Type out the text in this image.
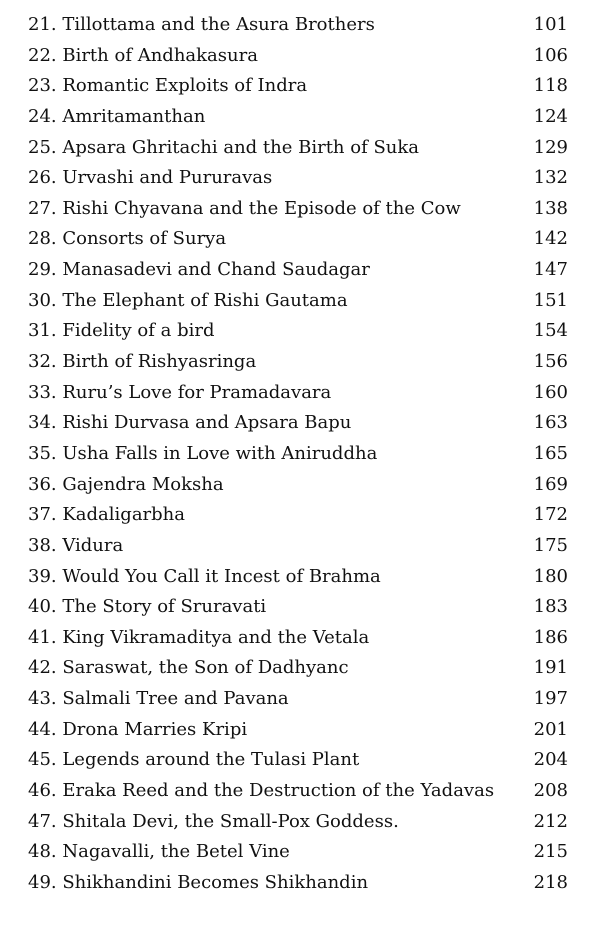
21. Tillottama and the Asura Brothers	101
22. Birth of Andhakasura	106
23. Romantic Exploits of Indra	118
24. Amritamanthan	124
25. Apsara Ghritachi and the Birth of Suka	129
26. Urvashi and Pururavas	132
27. Rishi Chyavana and the Episode of the Cow	138
28. Consorts of Surya	142
29. Manasadevi and Chand Saudagar	147
30. The Elephant of Rishi Gautama	151
31. Fidelity of a bird	154
32. Birth of Rishyasringa	156
33. Ruru’s Love for Pramadavara	160
34. Rishi Durvasa and Apsara Bapu	163
35. Usha Falls in Love with Aniruddha	165
36. Gajendra Moksha	169
37. Kadaligarbha	172
38. Vidura	175
39. Would You Call it Incest of Brahma	180
40. The Story of Sruravati	183
41. King Vikramaditya and the Vetala	186
42. Saraswat, the Son of Dadhyanc	191
43. Salmali Tree and Pavana	197
44. Drona Marries Kripi	201
45. Legends around the Tulasi Plant	204
46. Eraka Reed and the Destruction of the Yadavas	208
47. Shitala Devi, the Small-Pox Goddess.	212
48. Nagavalli, the Betel Vine	215
49. Shikhandini Becomes Shikhandin	218
